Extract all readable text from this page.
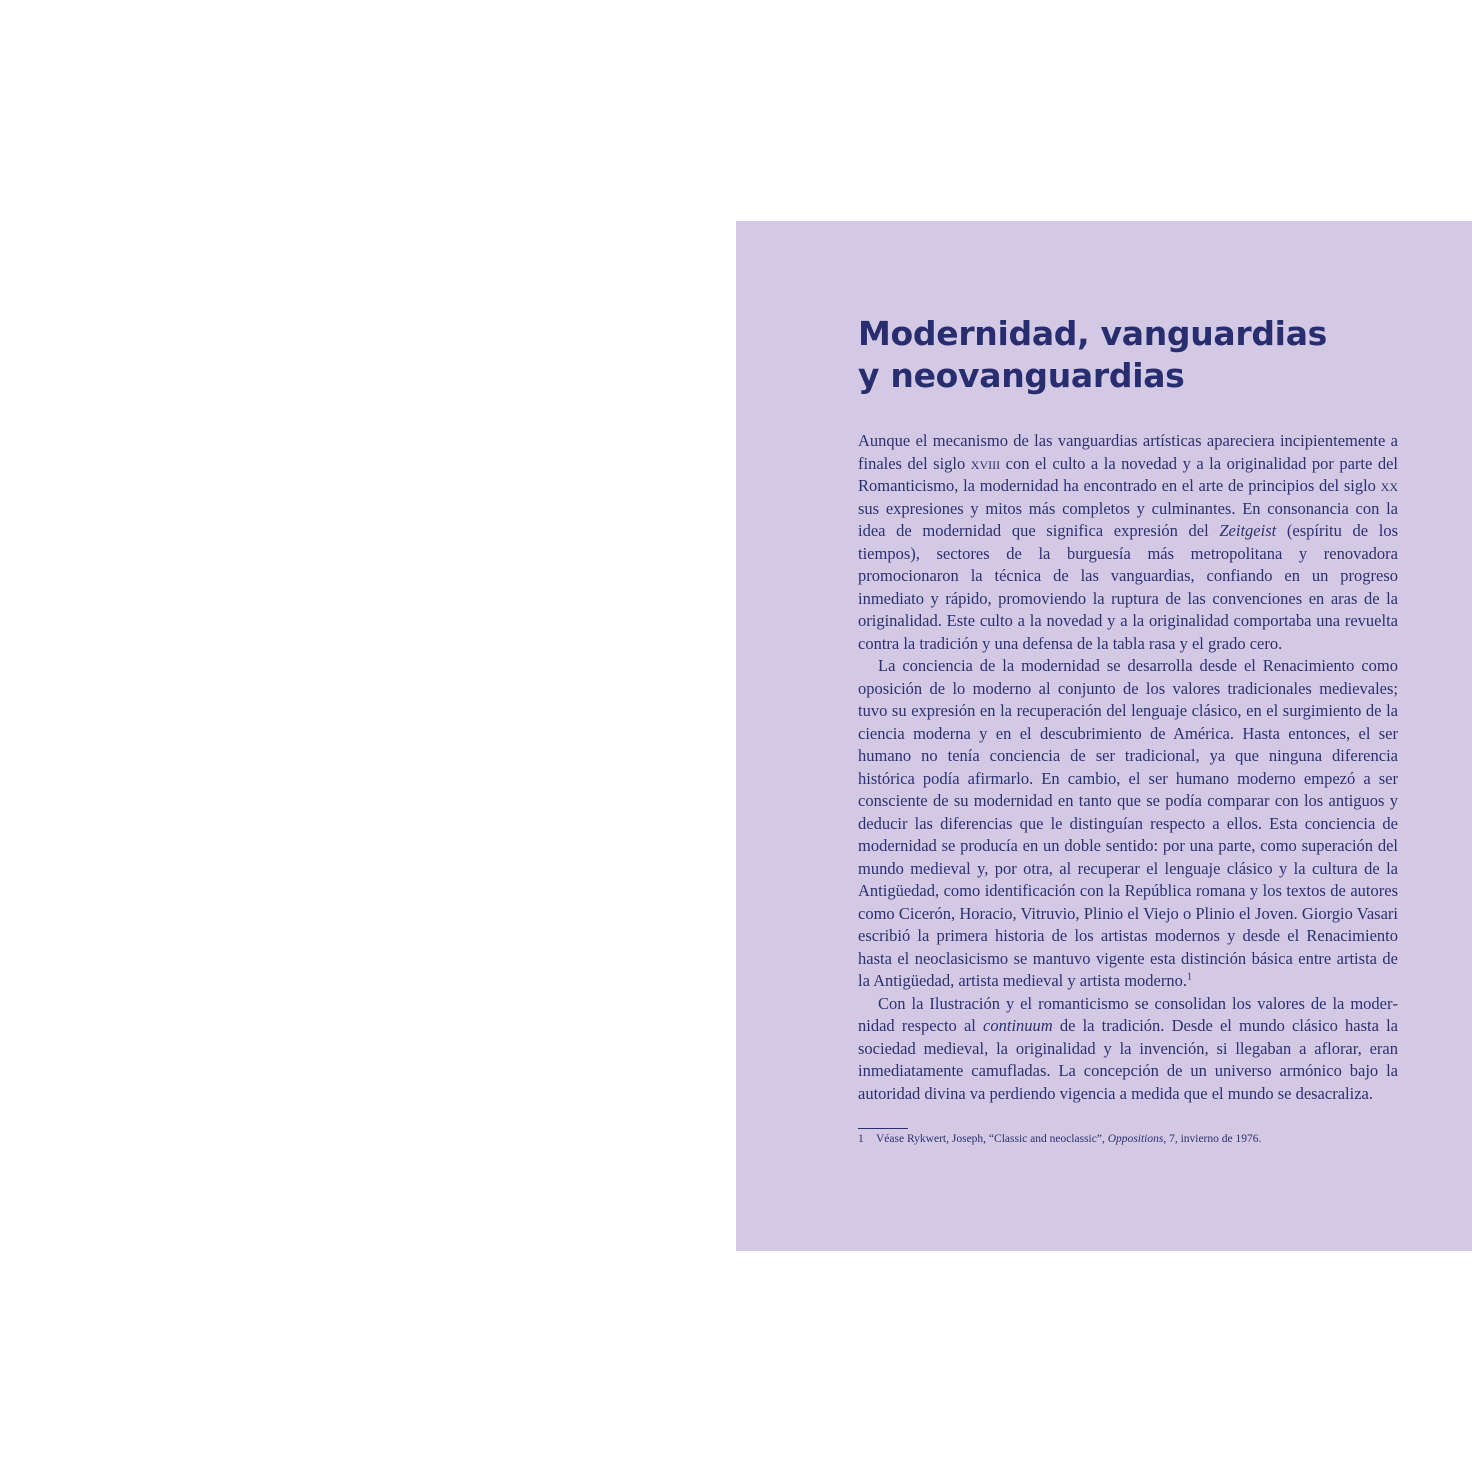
Modernidad, vanguardias
y neovanguardias

Aunque el mecanismo de las vanguardias artísticas apareciera incipientemente a finales del siglo xviii con el culto a la novedad y a la originalidad por parte del Romanticismo, la modernidad ha encontrado en el arte de principios del siglo xx sus expresiones y mitos más completos y culminantes. En consonancia con la idea de modernidad que significa expresión del Zeitgeist (espíritu de los tiempos), sectores de la burguesía más metropolitana y renovadora promocionaron la técnica de las vanguardias, confiando en un progreso inmediato y rápido, promoviendo la ruptura de las convenciones en aras de la originalidad. Este culto a la novedad y a la originalidad comportaba una revuelta contra la tradición y una defensa de la tabla rasa y el grado cero.

La conciencia de la modernidad se desarrolla desde el Renacimiento como oposición de lo moderno al conjunto de los valores tradicionales medievales; tuvo su expresión en la recuperación del lenguaje clásico, en el surgimiento de la ciencia moderna y en el descubrimiento de América. Hasta entonces, el ser humano no tenía conciencia de ser tradicional, ya que ninguna diferencia histórica podía afirmarlo. En cambio, el ser humano moderno empezó a ser consciente de su modernidad en tanto que se podía comparar con los antiguos y deducir las diferencias que le distinguían respecto a ellos. Esta conciencia de modernidad se producía en un doble sentido: por una parte, como superación del mundo medieval y, por otra, al recuperar el lenguaje clásico y la cultura de la Antigüedad, como identificación con la República romana y los textos de autores como Cicerón, Horacio, Vitruvio, Plinio el Viejo o Plinio el Joven. Giorgio Vasari escribió la primera historia de los artistas modernos y desde el Renacimiento hasta el neoclasicismo se mantuvo vigente esta distinción básica entre artista de la Antigüedad, artista medieval y artista moderno.$^1$

Con la Ilustración y el romanticismo se consolidan los valores de la modernidad respecto al continuum de la tradición. Desde el mundo clásico hasta la sociedad medieval, la originalidad y la invención, si llegaban a aflorar, eran inmediatamente camufladas. La concepción de un universo armónico bajo la autoridad divina va perdiendo vigencia a medida que el mundo se desacraliza.

1 Véase Rykwert, Joseph, “Classic and neoclassic”, Oppositions, 7, invierno de 1976.
